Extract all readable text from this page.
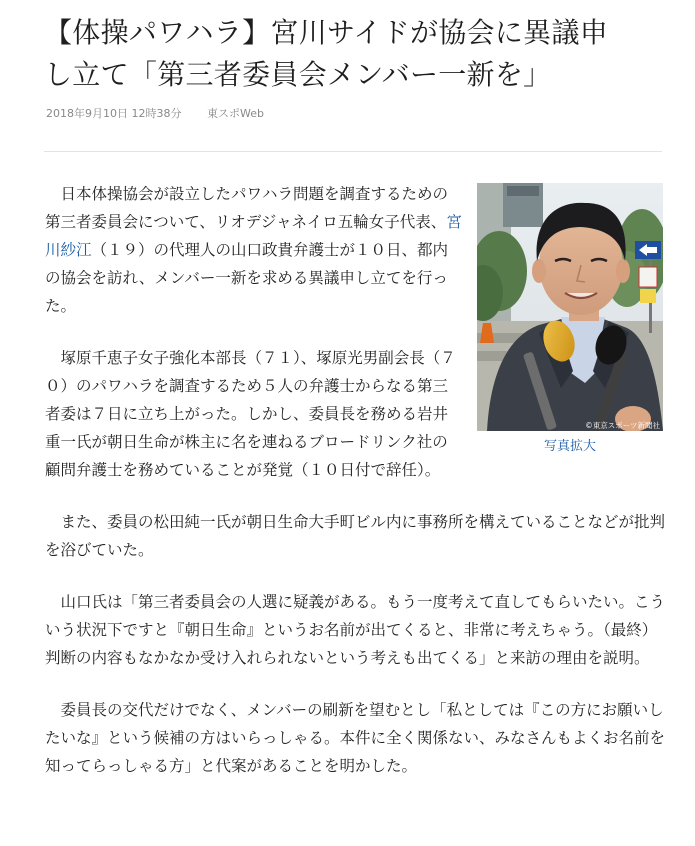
【体操パワハラ】宮川サイドが協会に異議申
し立て「第三者委員会メンバー一新を」
2018年9月10日 12時38分 東スポWeb
©東京スポーツ新聞社
写真拡大

日本体操協会が設立したパワハラ問題を調査するための第三者委員会について、リオデジャネイロ五輪女子代表、宮川紗江（１９）の代理人の山口政貴弁護士が１０日、都内の協会を訪れ、メンバー一新を求める異議申し立てを行った。

塚原千恵子女子強化本部長（７１）、塚原光男副会長（７０）のパワハラを調査するため５人の弁護士からなる第三者委は７日に立ち上がった。しかし、委員長を務める岩井重一氏が朝日生命が株主に名を連ねるブロードリンク社の顧問弁護士を務めていることが発覚（１０日付で辞任）。

また、委員の松田純一氏が朝日生命大手町ビル内に事務所を構えていることなどが批判を浴びていた。

山口氏は「第三者委員会の人選に疑義がある。もう一度考えて直してもらいたい。こういう状況下ですと『朝日生命』というお名前が出てくると、非常に考えちゃう。（最終）判断の内容もなかなか受け入れられないという考えも出てくる」と来訪の理由を説明。

委員長の交代だけでなく、メンバーの刷新を望むとし「私としては『この方にお願いしたいな』という候補の方はいらっしゃる。本件に全く関係ない、みなさんもよくお名前を知ってらっしゃる方」と代案があることを明かした。
